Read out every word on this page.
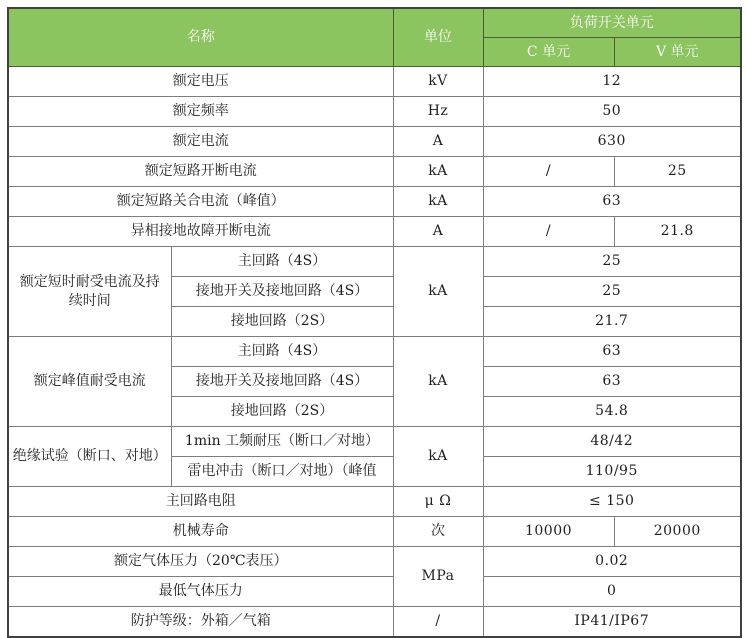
名称		单位	负荷开关单元	
			C 单元	V 单元
额定电压		kV	12	
额定频率		Hz	50	
额定电流		A	630	
额定短路开断电流		kA	/	25
额定短路关合电流（峰值）		kA	63	
异相接地故障开断电流		A	/	21.8
额定短时耐受电流及持续时间	主回路（4S）	kA	25	
	接地开关及接地回路（4S）		25	
	接地回路（2S）		21.7	
额定峰值耐受电流	主回路（4S）	kA	63	
	接地开关及接地回路（4S）		63	
	接地回路（2S）		54.8	
绝缘试验（断口、对地）	1min 工频耐压（断口／对地）	kA	48/42	
	雷电冲击（断口／对地）（峰值		110/95	
主回路电阻		μ Ω	≤ 150	
机械寿命		次	10000	20000
额定气体压力（20℃表压）		MPa	0.02	
最低气体压力			0	
防护等级：外箱／气箱		/	IP41/IP67	
